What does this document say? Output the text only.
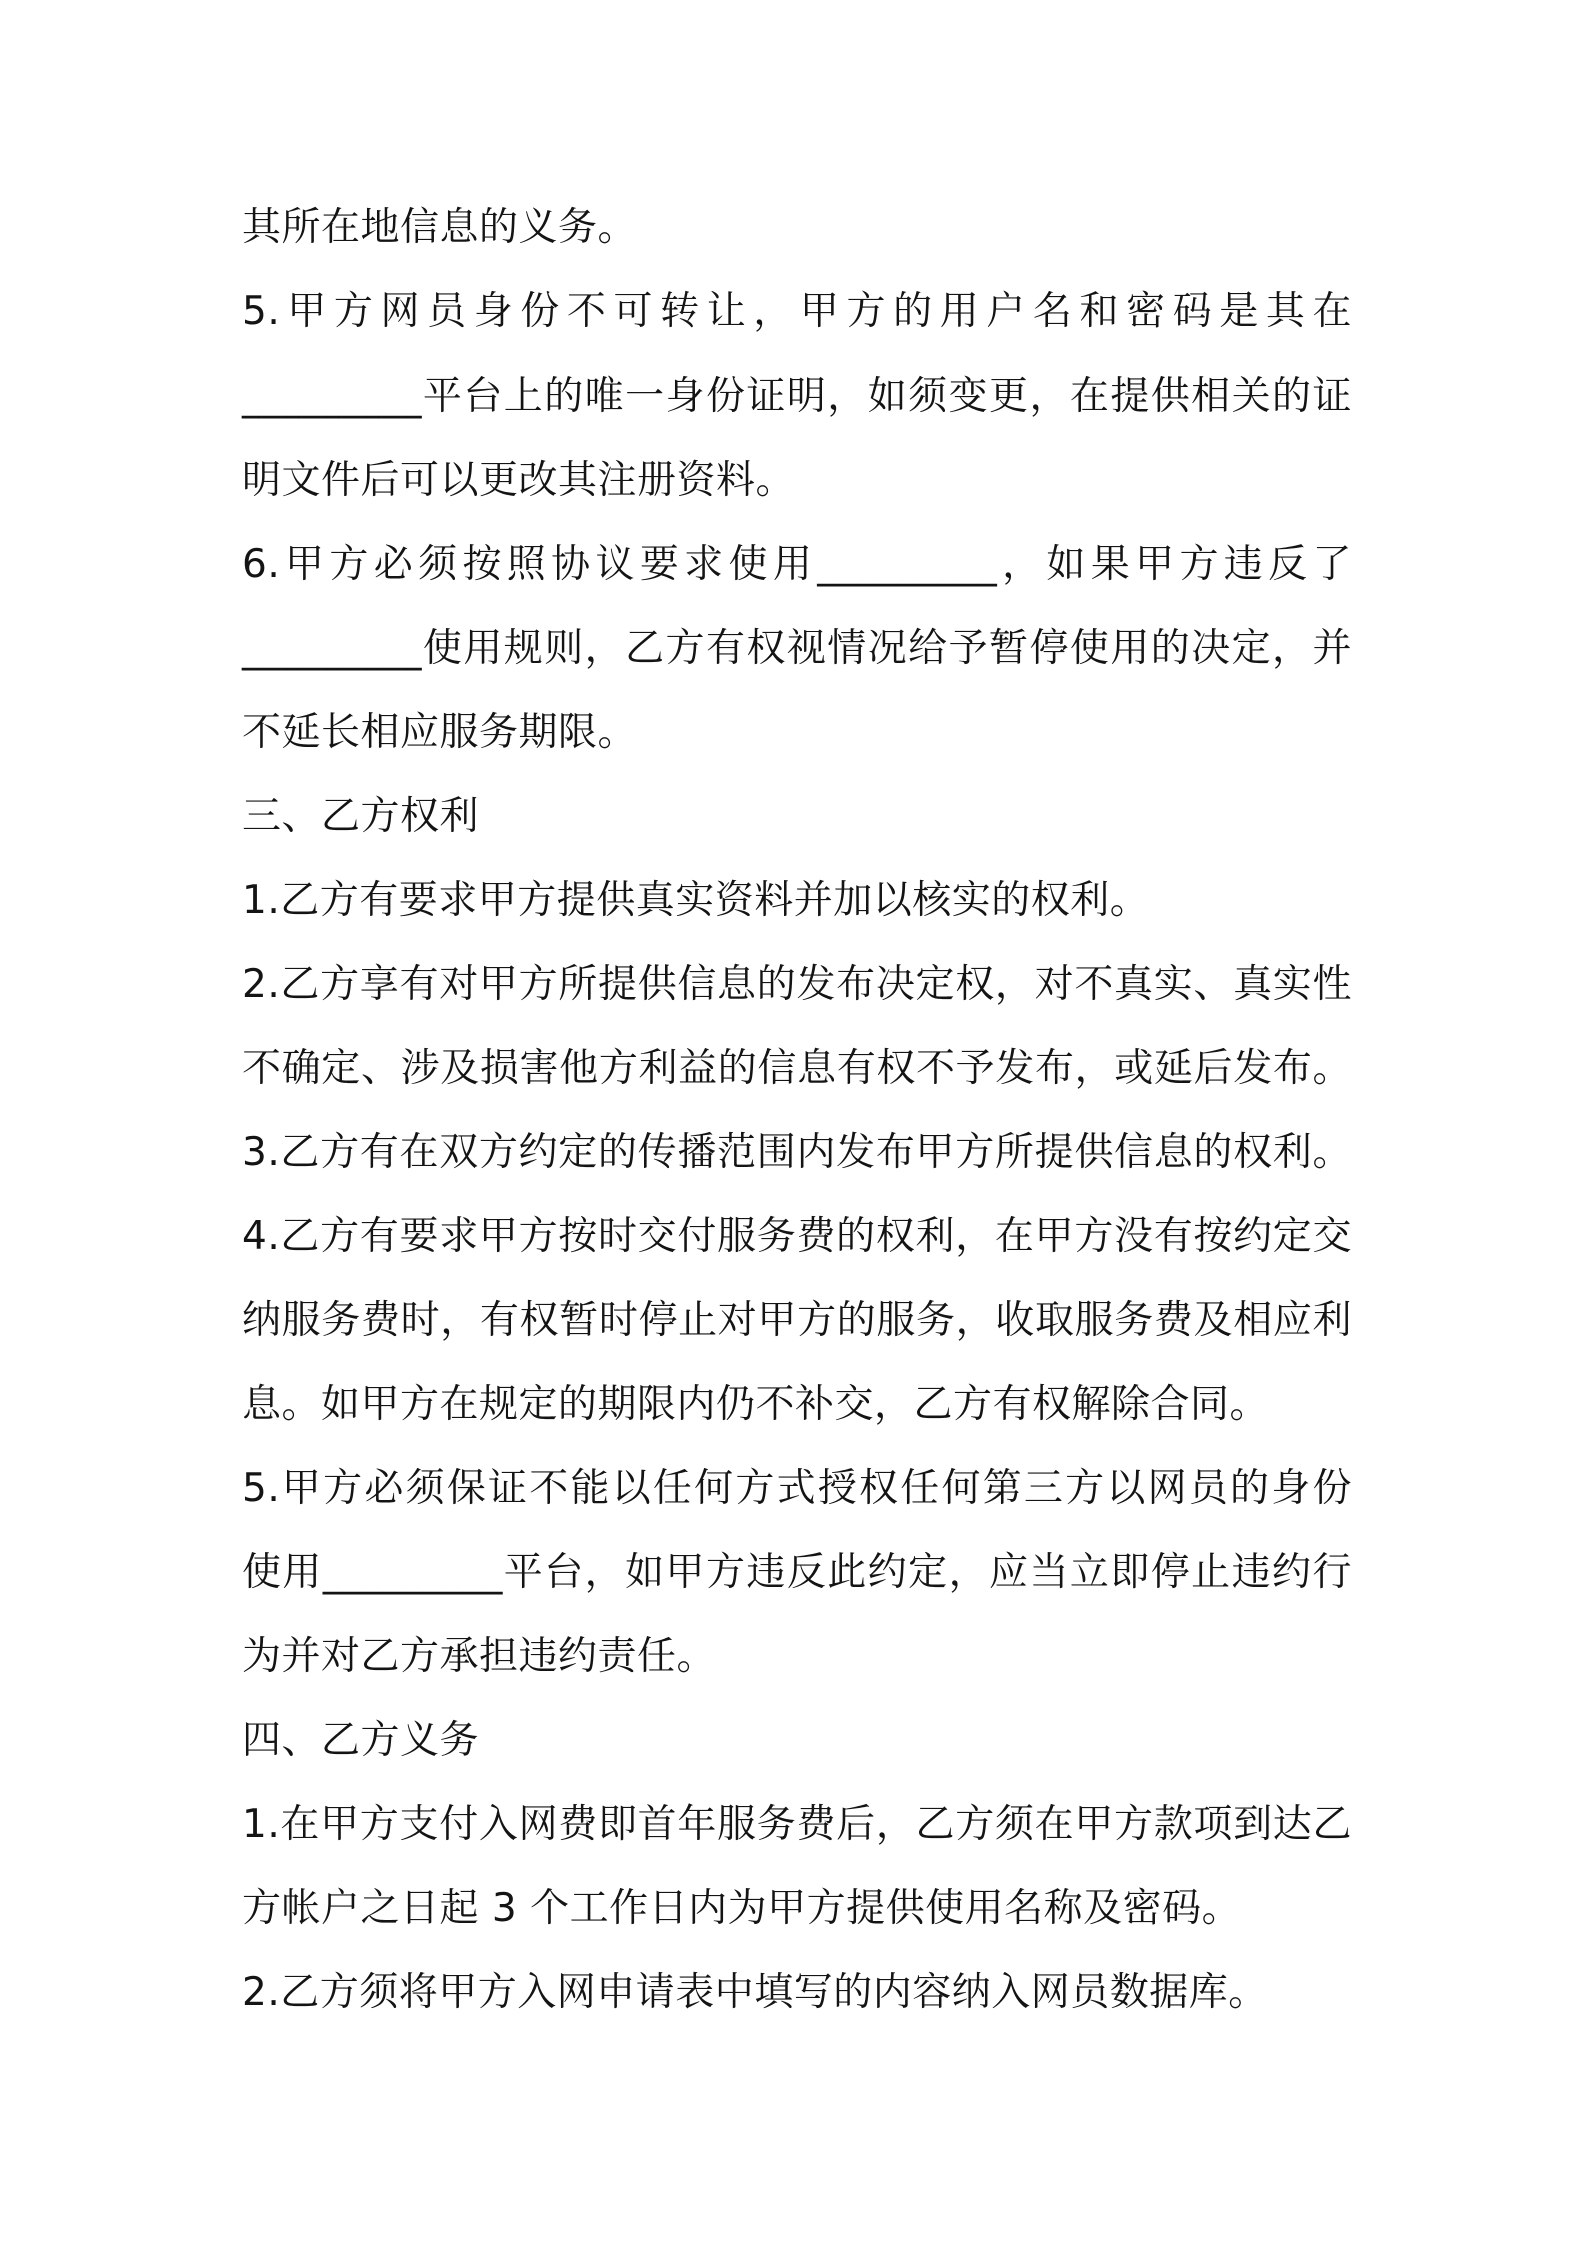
其所在地信息的义务。
5.甲方网员身份不可转让，甲方的用户名和密码是其在
_________平台上的唯一身份证明，如须变更，在提供相关的证
明文件后可以更改其注册资料。
6.甲方必须按照协议要求使用_________，如果甲方违反了
_________使用规则，乙方有权视情况给予暂停使用的决定，并
不延长相应服务期限。
三、乙方权利
1.乙方有要求甲方提供真实资料并加以核实的权利。
2.乙方享有对甲方所提供信息的发布决定权，对不真实、真实性
不确定、涉及损害他方利益的信息有权不予发布，或延后发布。
3.乙方有在双方约定的传播范围内发布甲方所提供信息的权利。
4.乙方有要求甲方按时交付服务费的权利，在甲方没有按约定交
纳服务费时，有权暂时停止对甲方的服务，收取服务费及相应利
息。如甲方在规定的期限内仍不补交，乙方有权解除合同。
5.甲方必须保证不能以任何方式授权任何第三方以网员的身份
使用_________平台，如甲方违反此约定，应当立即停止违约行
为并对乙方承担违约责任。
四、乙方义务
1.在甲方支付入网费即首年服务费后，乙方须在甲方款项到达乙
方帐户之日起 3 个工作日内为甲方提供使用名称及密码。
2.乙方须将甲方入网申请表中填写的内容纳入网员数据库。
